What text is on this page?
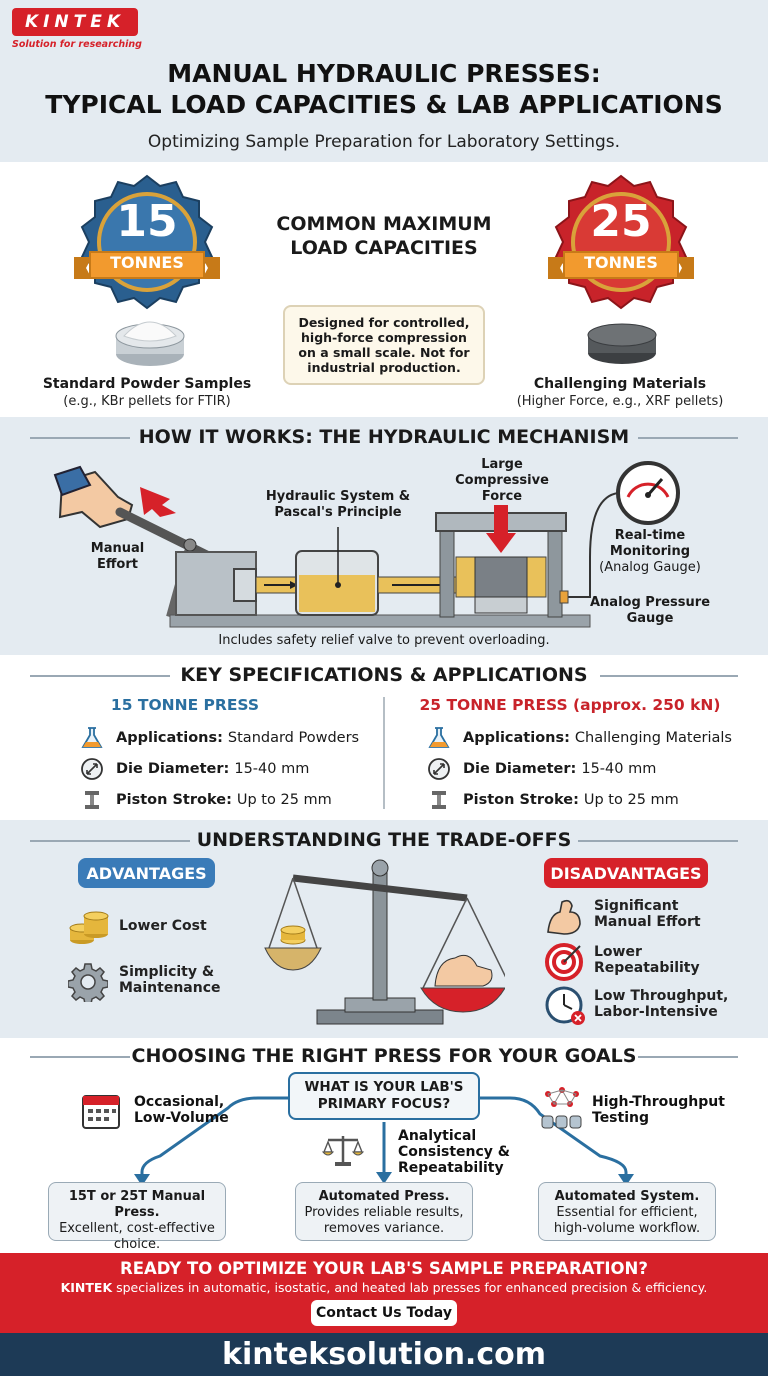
KINTEK
Solution for researching
MANUAL HYDRAULIC PRESSES:
TYPICAL LOAD CAPACITIES & LAB APPLICATIONS
Optimizing Sample Preparation for Laboratory Settings.
15
TONNES
Standard Powder Samples
(e.g., KBr pellets for FTIR)
COMMON MAXIMUM
LOAD CAPACITIES
Designed for controlled,
high-force compression
on a small scale. Not for
industrial production.
25
TONNES
Challenging Materials
(Higher Force, e.g., XRF pellets)
HOW IT WORKS: THE HYDRAULIC MECHANISM
Manual
Effort
Hydraulic System &
Pascal's Principle
Large
Compressive
Force
Real-time
Monitoring
(Analog Gauge)
Analog Pressure
Gauge
Includes safety relief valve to prevent overloading.
KEY SPECIFICATIONS & APPLICATIONS
15 TONNE PRESS	25 TONNE PRESS (approx. 250 kN)
Applications: Standard Powders
Die Diameter: 15-40 mm
Piston Stroke: Up to 25 mm
Applications: Challenging Materials
Die Diameter: 15-40 mm
Piston Stroke: Up to 25 mm
UNDERSTANDING THE TRADE-OFFS
ADVANTAGES	DISADVANTAGES
Lower Cost
Simplicity &
Maintenance
Significant
Manual Effort
Lower
Repeatability
Low Throughput,
Labor-Intensive
CHOOSING THE RIGHT PRESS FOR YOUR GOALS
WHAT IS YOUR LAB'S
PRIMARY FOCUS?
Occasional,
Low-Volume
Analytical
Consistency &
Repeatability
High-Throughput
Testing
15T or 25T Manual Press.
Excellent, cost-effective
choice.
Automated Press.
Provides reliable results,
removes variance.
Automated System.
Essential for efficient,
high-volume workflow.
READY TO OPTIMIZE YOUR LAB'S SAMPLE PREPARATION?
KINTEK specializes in automatic, isostatic, and heated lab presses for enhanced precision & efficiency.
Contact Us Today
kinteksolution.com
